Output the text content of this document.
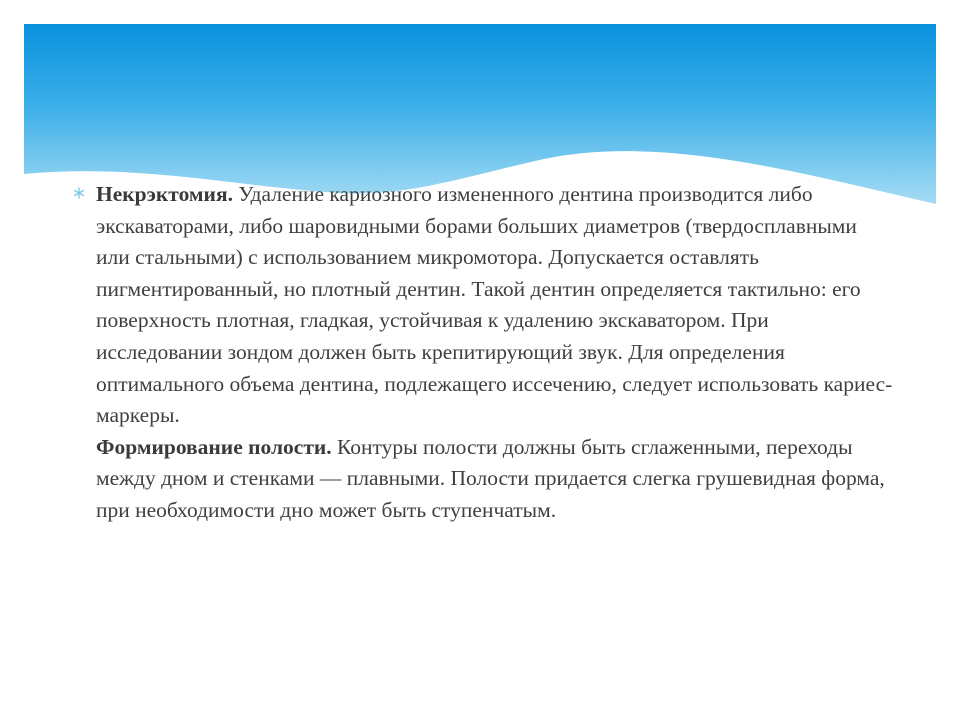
Некрэктомия. Удаление кариозного измененного дентина производится либо экскаваторами, либо шаровидными борами больших диаметров (твердосплавными или стальными) с использованием микромотора. Допускается оставлять пигментированный, но плотный дентин. Такой дентин определяется тактильно: его поверхность плотная, гладкая, устойчивая к удалению экскаватором. При исследовании зондом должен быть крепитирующий звук. Для определения оптимального объема дентина, подлежащего иссечению, следует использовать кариес-маркеры.

Формирование полости. Контуры полости должны быть сглаженными, переходы между дном и стенками — плавными. Полости придается слегка грушевидная форма, при необходимости дно может быть ступенчатым.
